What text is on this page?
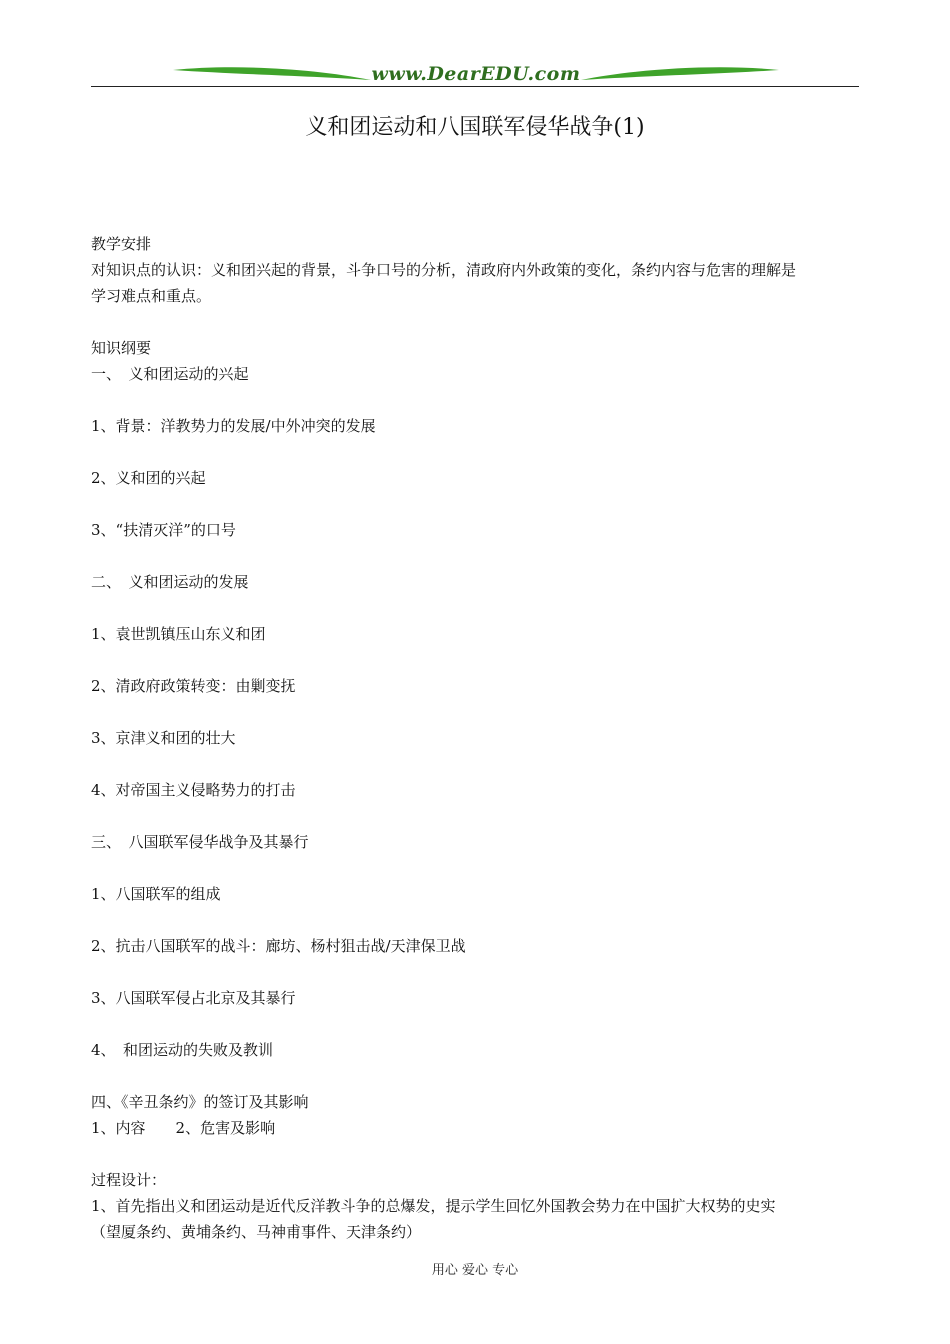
www.DearEDU.com
义和团运动和八国联军侵华战争(1)
教学安排
对知识点的认识：义和团兴起的背景，斗争口号的分析，清政府内外政策的变化，条约内容与危害的理解是
学习难点和重点。
知识纲要
一、　义和团运动的兴起
1、背景：洋教势力的发展/中外冲突的发展
2、义和团的兴起
3、“扶清灭洋”的口号
二、　义和团运动的发展
1、袁世凯镇压山东义和团
2、清政府政策转变：由剿变抚
3、京津义和团的壮大
4、对帝国主义侵略势力的打击
三、　八国联军侵华战争及其暴行
1、八国联军的组成
2、抗击八国联军的战斗：廊坊、杨村狙击战/天津保卫战
3、八国联军侵占北京及其暴行
4、　和团运动的失败及教训
四、《辛丑条约》的签订及其影响
1、内容　　2、危害及影响
过程设计：
1、首先指出义和团运动是近代反洋教斗争的总爆发，提示学生回忆外国教会势力在中国扩大权势的史实
（望厦条约、黄埔条约、马神甫事件、天津条约）
用心 爱心 专心
